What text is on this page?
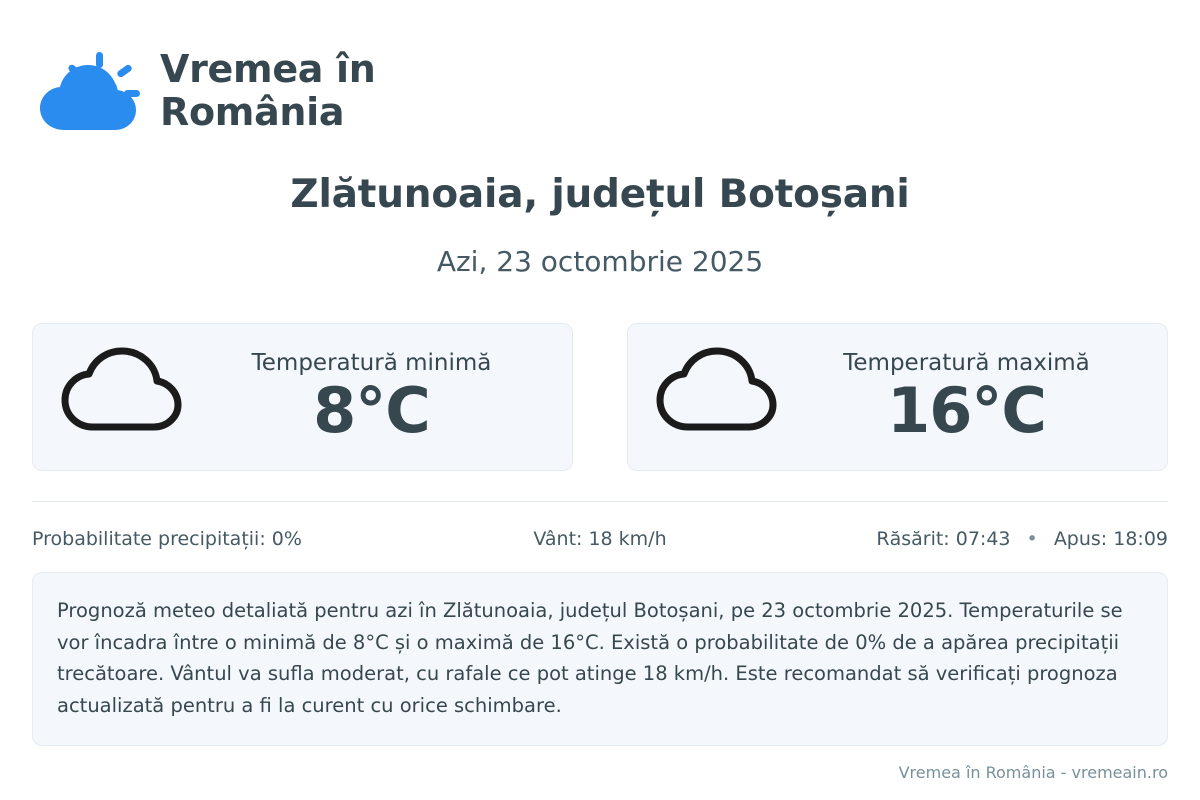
Vremea în România
Zlătunoaia, județul Botoșani
Azi, 23 octombrie 2025
Temperatură minimă
8°C
Temperatură maximă
16°C
Probabilitate precipitații: 0%	Vânt: 18 km/h	Răsărit: 07:43 • Apus: 18:09
Prognoză meteo detaliată pentru azi în Zlătunoaia, județul Botoșani, pe 23 octombrie 2025. Temperaturile se vor încadra între o minimă de 8°C și o maximă de 16°C. Există o probabilitate de 0% de a apărea precipitații trecătoare. Vântul va sufla moderat, cu rafale ce pot atinge 18 km/h. Este recomandat să verificați prognoza actualizată pentru a fi la curent cu orice schimbare.
Vremea în România - vremeain.ro
